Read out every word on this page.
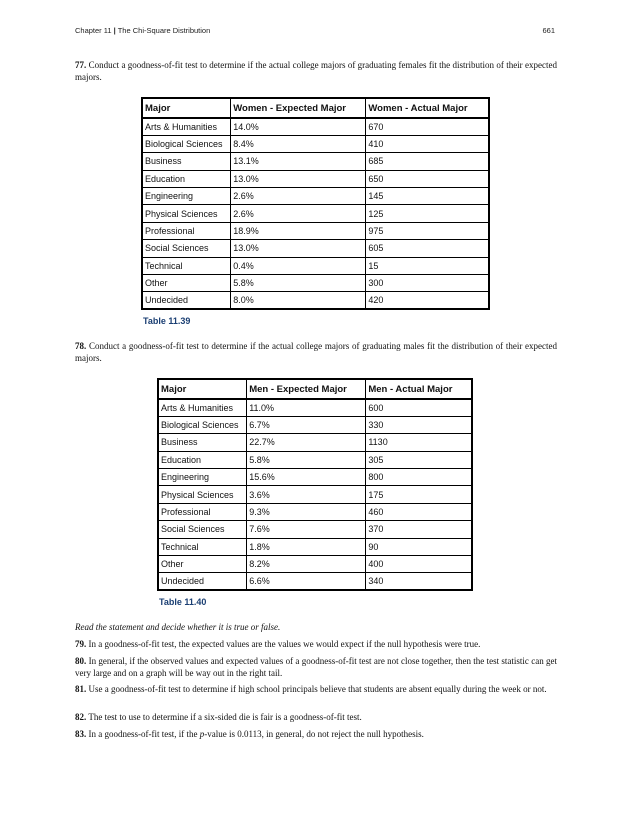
Chapter 11 | The Chi-Square Distribution	661

77. Conduct a goodness-of-fit test to determine if the actual college majors of graduating females fit the distribution of their expected majors.

Major	Women - Expected Major	Women - Actual Major
Arts & Humanities	14.0%	670
Biological Sciences	8.4%	410
Business	13.1%	685
Education	13.0%	650
Engineering	2.6%	145
Physical Sciences	2.6%	125
Professional	18.9%	975
Social Sciences	13.0%	605
Technical	0.4%	15
Other	5.8%	300
Undecided	8.0%	420
Table 11.39

78. Conduct a goodness-of-fit test to determine if the actual college majors of graduating males fit the distribution of their expected majors.

Major	Men - Expected Major	Men - Actual Major
Arts & Humanities	11.0%	600
Biological Sciences	6.7%	330
Business	22.7%	1130
Education	5.8%	305
Engineering	15.6%	800
Physical Sciences	3.6%	175
Professional	9.3%	460
Social Sciences	7.6%	370
Technical	1.8%	90
Other	8.2%	400
Undecided	6.6%	340
Table 11.40
Read the statement and decide whether it is true or false.

79. In a goodness-of-fit test, the expected values are the values we would expect if the null hypothesis were true.

80. In general, if the observed values and expected values of a goodness-of-fit test are not close together, then the test statistic can get very large and on a graph will be way out in the right tail.

81. Use a goodness-of-fit test to determine if high school principals believe that students are absent equally during the week or not.

82. The test to use to determine if a six-sided die is fair is a goodness-of-fit test.

83. In a goodness-of-fit test, if the p-value is 0.0113, in general, do not reject the null hypothesis.
